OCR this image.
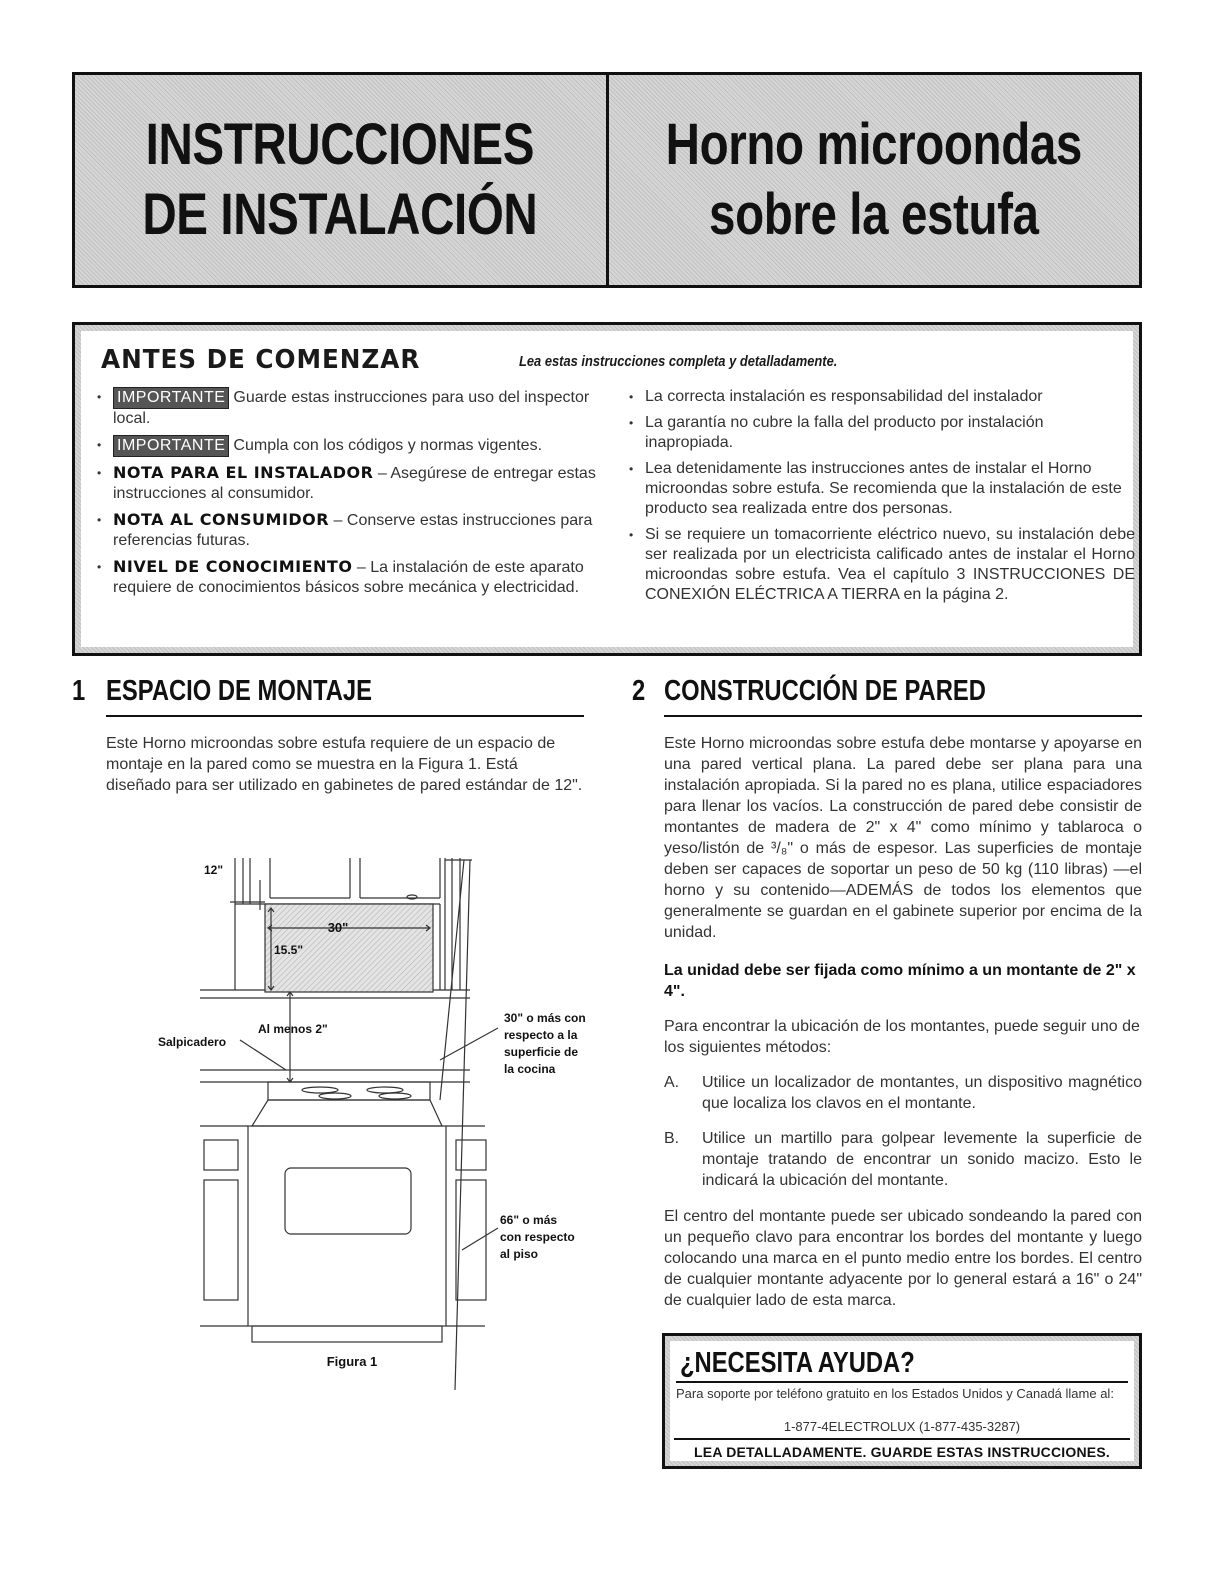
INSTRUCCIONES
DE INSTALACIÓN
Horno microondas
sobre la estufa
ANTES DE COMENZAR	Lea estas instrucciones completa y detalladamente.
• IMPORTANTE Guarde estas instrucciones para uso del inspector local.
• IMPORTANTE Cumpla con los códigos y normas vigentes.
• NOTA PARA EL INSTALADOR – Asegúrese de entregar estas instrucciones al consumidor.
• NOTA AL CONSUMIDOR – Conserve estas instrucciones para referencias futuras.
• NIVEL DE CONOCIMIENTO – La instalación de este aparato requiere de conocimientos básicos sobre mecánica y electricidad.
• La correcta instalación es responsabilidad del instalador
• La garantía no cubre la falla del producto por instalación inapropiada.
• Lea detenidamente las instrucciones antes de instalar el Horno microondas sobre estufa. Se recomienda que la instalación de este producto sea realizada entre dos personas.
• Si se requiere un tomacorriente eléctrico nuevo, su instalación debe ser realizada por un electricista calificado antes de instalar el Horno microondas sobre estufa. Vea el capítulo 3 INSTRUCCIONES DE CONEXIÓN ELÉCTRICA A TIERRA en la página 2.
1 ESPACIO DE MONTAJE
Este Horno microondas sobre estufa requiere de un espacio de montaje en la pared como se muestra en la Figura 1. Está diseñado para ser utilizado en gabinetes de pared estándar de 12".
12"
30"
15.5"
Al menos 2"
Salpicadero
30" o más con
respecto a la
superficie de
la cocina
66" o más
con respecto
al piso
Figura 1
2 CONSTRUCCIÓN DE PARED
Este Horno microondas sobre estufa debe montarse y apoyarse en una pared vertical plana. La pared debe ser plana para una instalación apropiada. Si la pared no es plana, utilice espaciadores para llenar los vacíos. La construcción de pared debe consistir de montantes de madera de 2" x 4" como mínimo y tablaroca o yeso/listón de ³/₈" o más de espesor. Las superficies de montaje deben ser capaces de soportar un peso de 50 kg (110 libras) —el horno y su contenido—ADEMÁS de todos los elementos que generalmente se guardan en el gabinete superior por encima de la unidad.
La unidad debe ser fijada como mínimo a un montante de 2" x 4".
Para encontrar la ubicación de los montantes, puede seguir uno de los siguientes métodos:
A. Utilice un localizador de montantes, un dispositivo magnético que localiza los clavos en el montante.
B. Utilice un martillo para golpear levemente la superficie de montaje tratando de encontrar un sonido macizo. Esto le indicará la ubicación del montante.
El centro del montante puede ser ubicado sondeando la pared con un pequeño clavo para encontrar los bordes del montante y luego colocando una marca en el punto medio entre los bordes. El centro de cualquier montante adyacente por lo general estará a 16" o 24" de cualquier lado de esta marca.
¿NECESITA AYUDA?
Para soporte por teléfono gratuito en los Estados Unidos y Canadá llame al:
1-877-4ELECTROLUX (1-877-435-3287)
LEA DETALLADAMENTE. GUARDE ESTAS INSTRUCCIONES.
